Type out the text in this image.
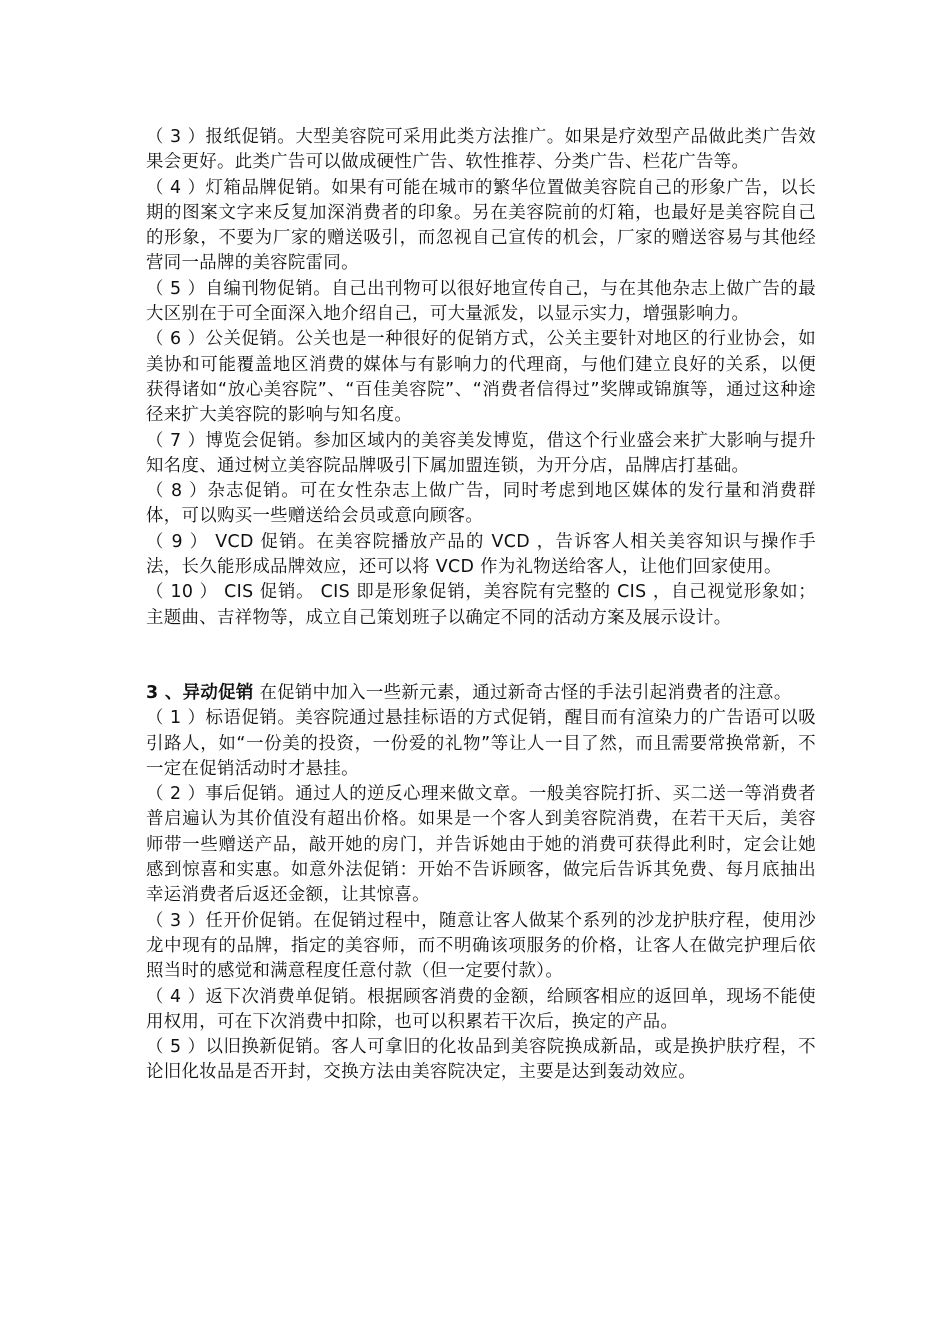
（ 3 ）报纸促销。大型美容院可采用此类方法推广。如果是疗效型产品做此类广告效果会更好。此类广告可以做成硬性广告、软性推荐、分类广告、栏花广告等。

（ 4 ）灯箱品牌促销。如果有可能在城市的繁华位置做美容院自己的形象广告，以长期的图案文字来反复加深消费者的印象。另在美容院前的灯箱，也最好是美容院自己的形象，不要为厂家的赠送吸引，而忽视自己宣传的机会，厂家的赠送容易与其他经营同一品牌的美容院雷同。

（ 5 ）自编刊物促销。自己出刊物可以很好地宣传自己，与在其他杂志上做广告的最大区别在于可全面深入地介绍自己，可大量派发，以显示实力，增强影响力。

（ 6 ）公关促销。公关也是一种很好的促销方式，公关主要针对地区的行业协会，如美协和可能覆盖地区消费的媒体与有影响力的代理商，与他们建立良好的关系，以便获得诸如“放心美容院”、“百佳美容院”、“消费者信得过”奖牌或锦旗等，通过这种途径来扩大美容院的影响与知名度。

（ 7 ）博览会促销。参加区域内的美容美发博览，借这个行业盛会来扩大影响与提升知名度、通过树立美容院品牌吸引下属加盟连锁，为开分店，品牌店打基础。

（ 8 ）杂志促销。可在女性杂志上做广告，同时考虑到地区媒体的发行量和消费群体，可以购买一些赠送给会员或意向顾客。

（ 9 ） VCD 促销。在美容院播放产品的 VCD ，告诉客人相关美容知识与操作手法，长久能形成品牌效应，还可以将 VCD 作为礼物送给客人，让他们回家使用。

（ 10 ） CIS 促销。 CIS 即是形象促销，美容院有完整的 CIS ，自己视觉形象如；主题曲、吉祥物等，成立自己策划班子以确定不同的活动方案及展示设计。

3 、异动促销 在促销中加入一些新元素，通过新奇古怪的手法引起消费者的注意。

（ 1 ）标语促销。美容院通过悬挂标语的方式促销，醒目而有渲染力的广告语可以吸引路人，如“一份美的投资，一份爱的礼物”等让人一目了然，而且需要常换常新，不一定在促销活动时才悬挂。

（ 2 ）事后促销。通过人的逆反心理来做文章。一般美容院打折、买二送一等消费者普启遍认为其价值没有超出价格。如果是一个客人到美容院消费，在若干天后，美容师带一些赠送产品，敲开她的房门，并告诉她由于她的消费可获得此利时，定会让她感到惊喜和实惠。如意外法促销：开始不告诉顾客，做完后告诉其免费、每月底抽出幸运消费者后返还金额，让其惊喜。

（ 3 ）任开价促销。在促销过程中，随意让客人做某个系列的沙龙护肤疗程，使用沙龙中现有的品牌，指定的美容师，而不明确该项服务的价格，让客人在做完护理后依照当时的感觉和满意程度任意付款（但一定要付款）。

（ 4 ）返下次消费单促销。根据顾客消费的金额，给顾客相应的返回单，现场不能使用权用，可在下次消费中扣除，也可以积累若干次后，换定的产品。

（ 5 ）以旧换新促销。客人可拿旧的化妆品到美容院换成新品，或是换护肤疗程，不论旧化妆品是否开封，交换方法由美容院决定，主要是达到轰动效应。
